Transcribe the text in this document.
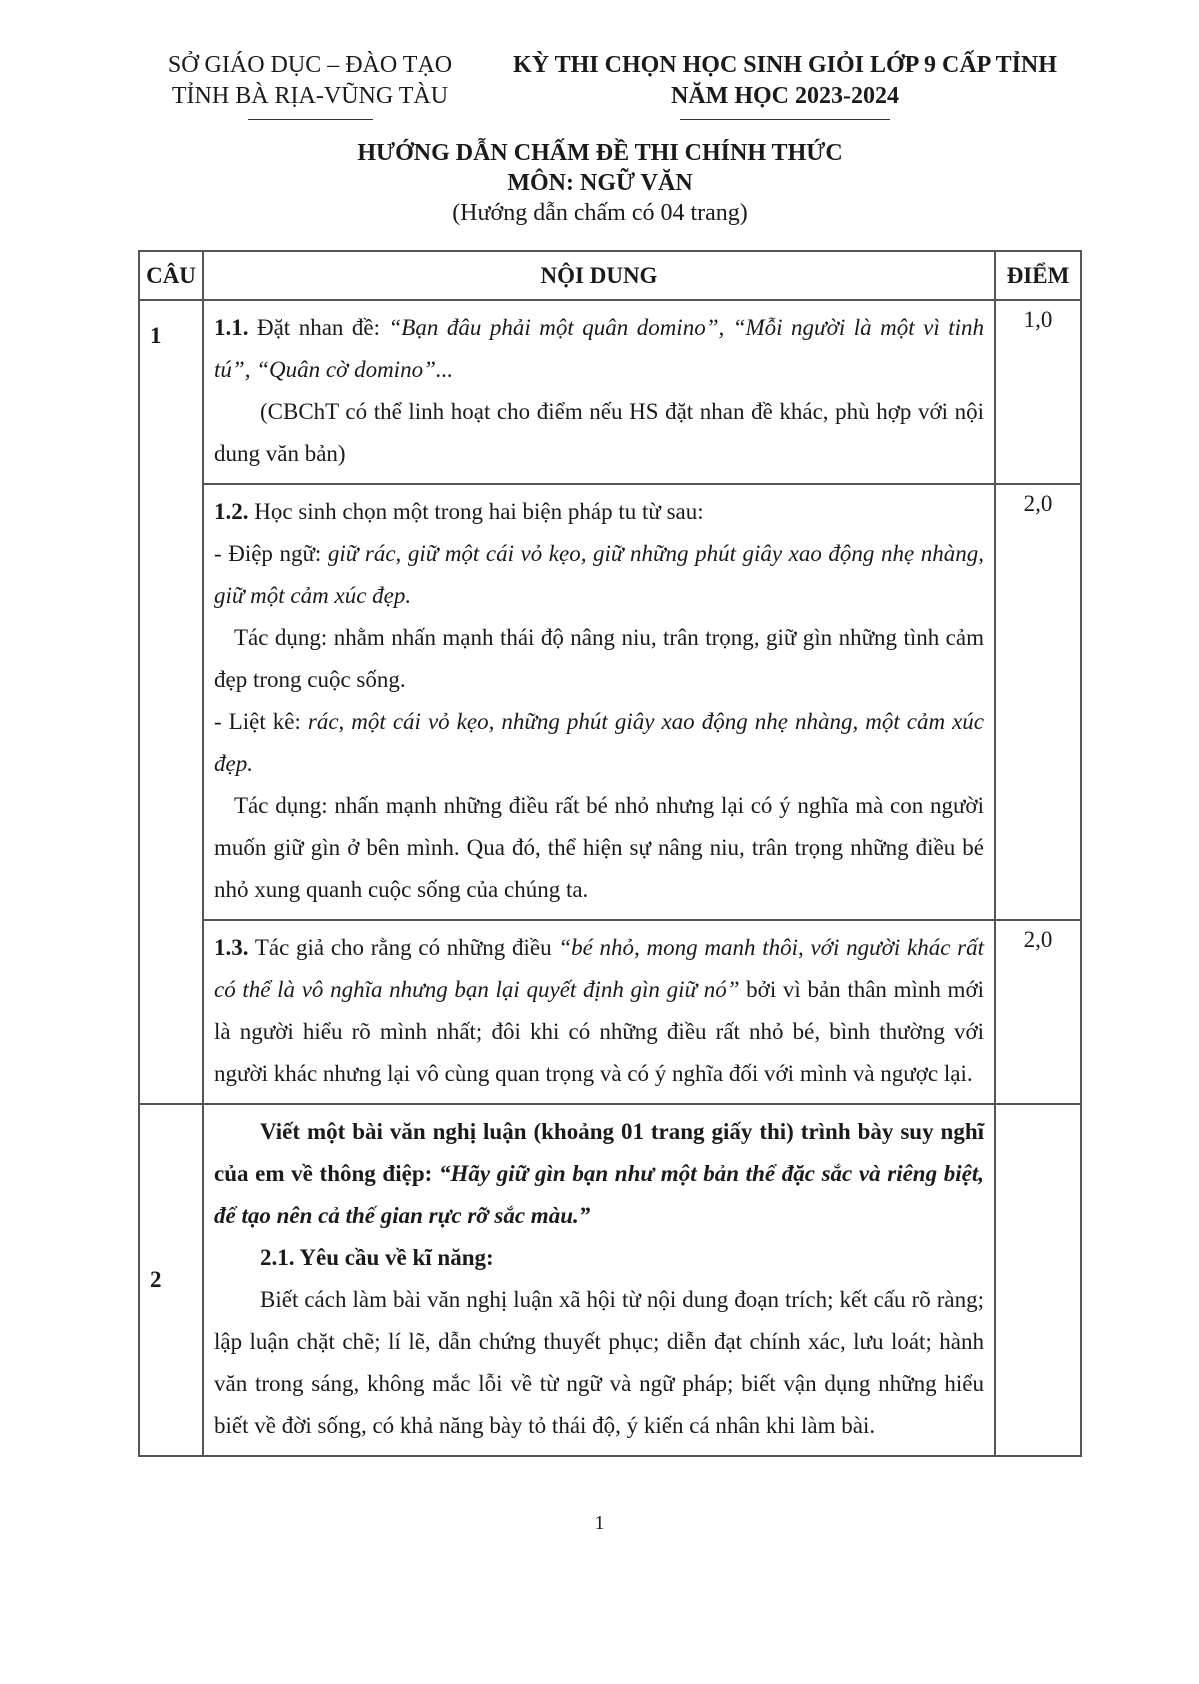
SỞ GIÁO DỤC – ĐÀO TẠO
TỈNH BÀ RỊA-VŨNG TÀU
KỲ THI CHỌN HỌC SINH GIỎI LỚP 9 CẤP TỈNH
NĂM HỌC 2023-2024
HƯỚNG DẪN CHẤM ĐỀ THI CHÍNH THỨC
MÔN: NGỮ VĂN
(Hướng dẫn chấm có 04 trang)
CÂU	NỘI DUNG	ĐIỂM
1	1.1. Đặt nhan đề: “Bạn đâu phải một quân domino”, “Mỗi người là một vì tinh tú”, “Quân cờ domino”...

(CBChT có thể linh hoạt cho điểm nếu HS đặt nhan đề khác, phù hợp với nội dung văn bản)	1,0

	1.2. Học sinh chọn một trong hai biện pháp tu từ sau:

- Điệp ngữ: giữ rác, giữ một cái vỏ kẹo, giữ những phút giây xao động nhẹ nhàng, giữ một cảm xúc đẹp.

Tác dụng: nhằm nhấn mạnh thái độ nâng niu, trân trọng, giữ gìn những tình cảm đẹp trong cuộc sống.

- Liệt kê: rác, một cái vỏ kẹo, những phút giây xao động nhẹ nhàng, một cảm xúc đẹp.

Tác dụng: nhấn mạnh những điều rất bé nhỏ nhưng lại có ý nghĩa mà con người muốn giữ gìn ở bên mình. Qua đó, thể hiện sự nâng niu, trân trọng những điều bé nhỏ xung quanh cuộc sống của chúng ta.	2,0

	1.3. Tác giả cho rằng có những điều “bé nhỏ, mong manh thôi, với người khác rất có thể là vô nghĩa nhưng bạn lại quyết định gìn giữ nó” bởi vì bản thân mình mới là người hiểu rõ mình nhất; đôi khi có những điều rất nhỏ bé, bình thường với người khác nhưng lại vô cùng quan trọng và có ý nghĩa đối với mình và ngược lại.	2,0
2	Viết một bài văn nghị luận (khoảng 01 trang giấy thi) trình bày suy nghĩ của em về thông điệp: “Hãy giữ gìn bạn như một bản thể đặc sắc và riêng biệt, để tạo nên cả thế gian rực rỡ sắc màu.”

2.1. Yêu cầu về kĩ năng:

Biết cách làm bài văn nghị luận xã hội từ nội dung đoạn trích; kết cấu rõ ràng; lập luận chặt chẽ; lí lẽ, dẫn chứng thuyết phục; diễn đạt chính xác, lưu loát; hành văn trong sáng, không mắc lỗi về từ ngữ và ngữ pháp; biết vận dụng những hiểu biết về đời sống, có khả năng bày tỏ thái độ, ý kiến cá nhân khi làm bài.	

1
